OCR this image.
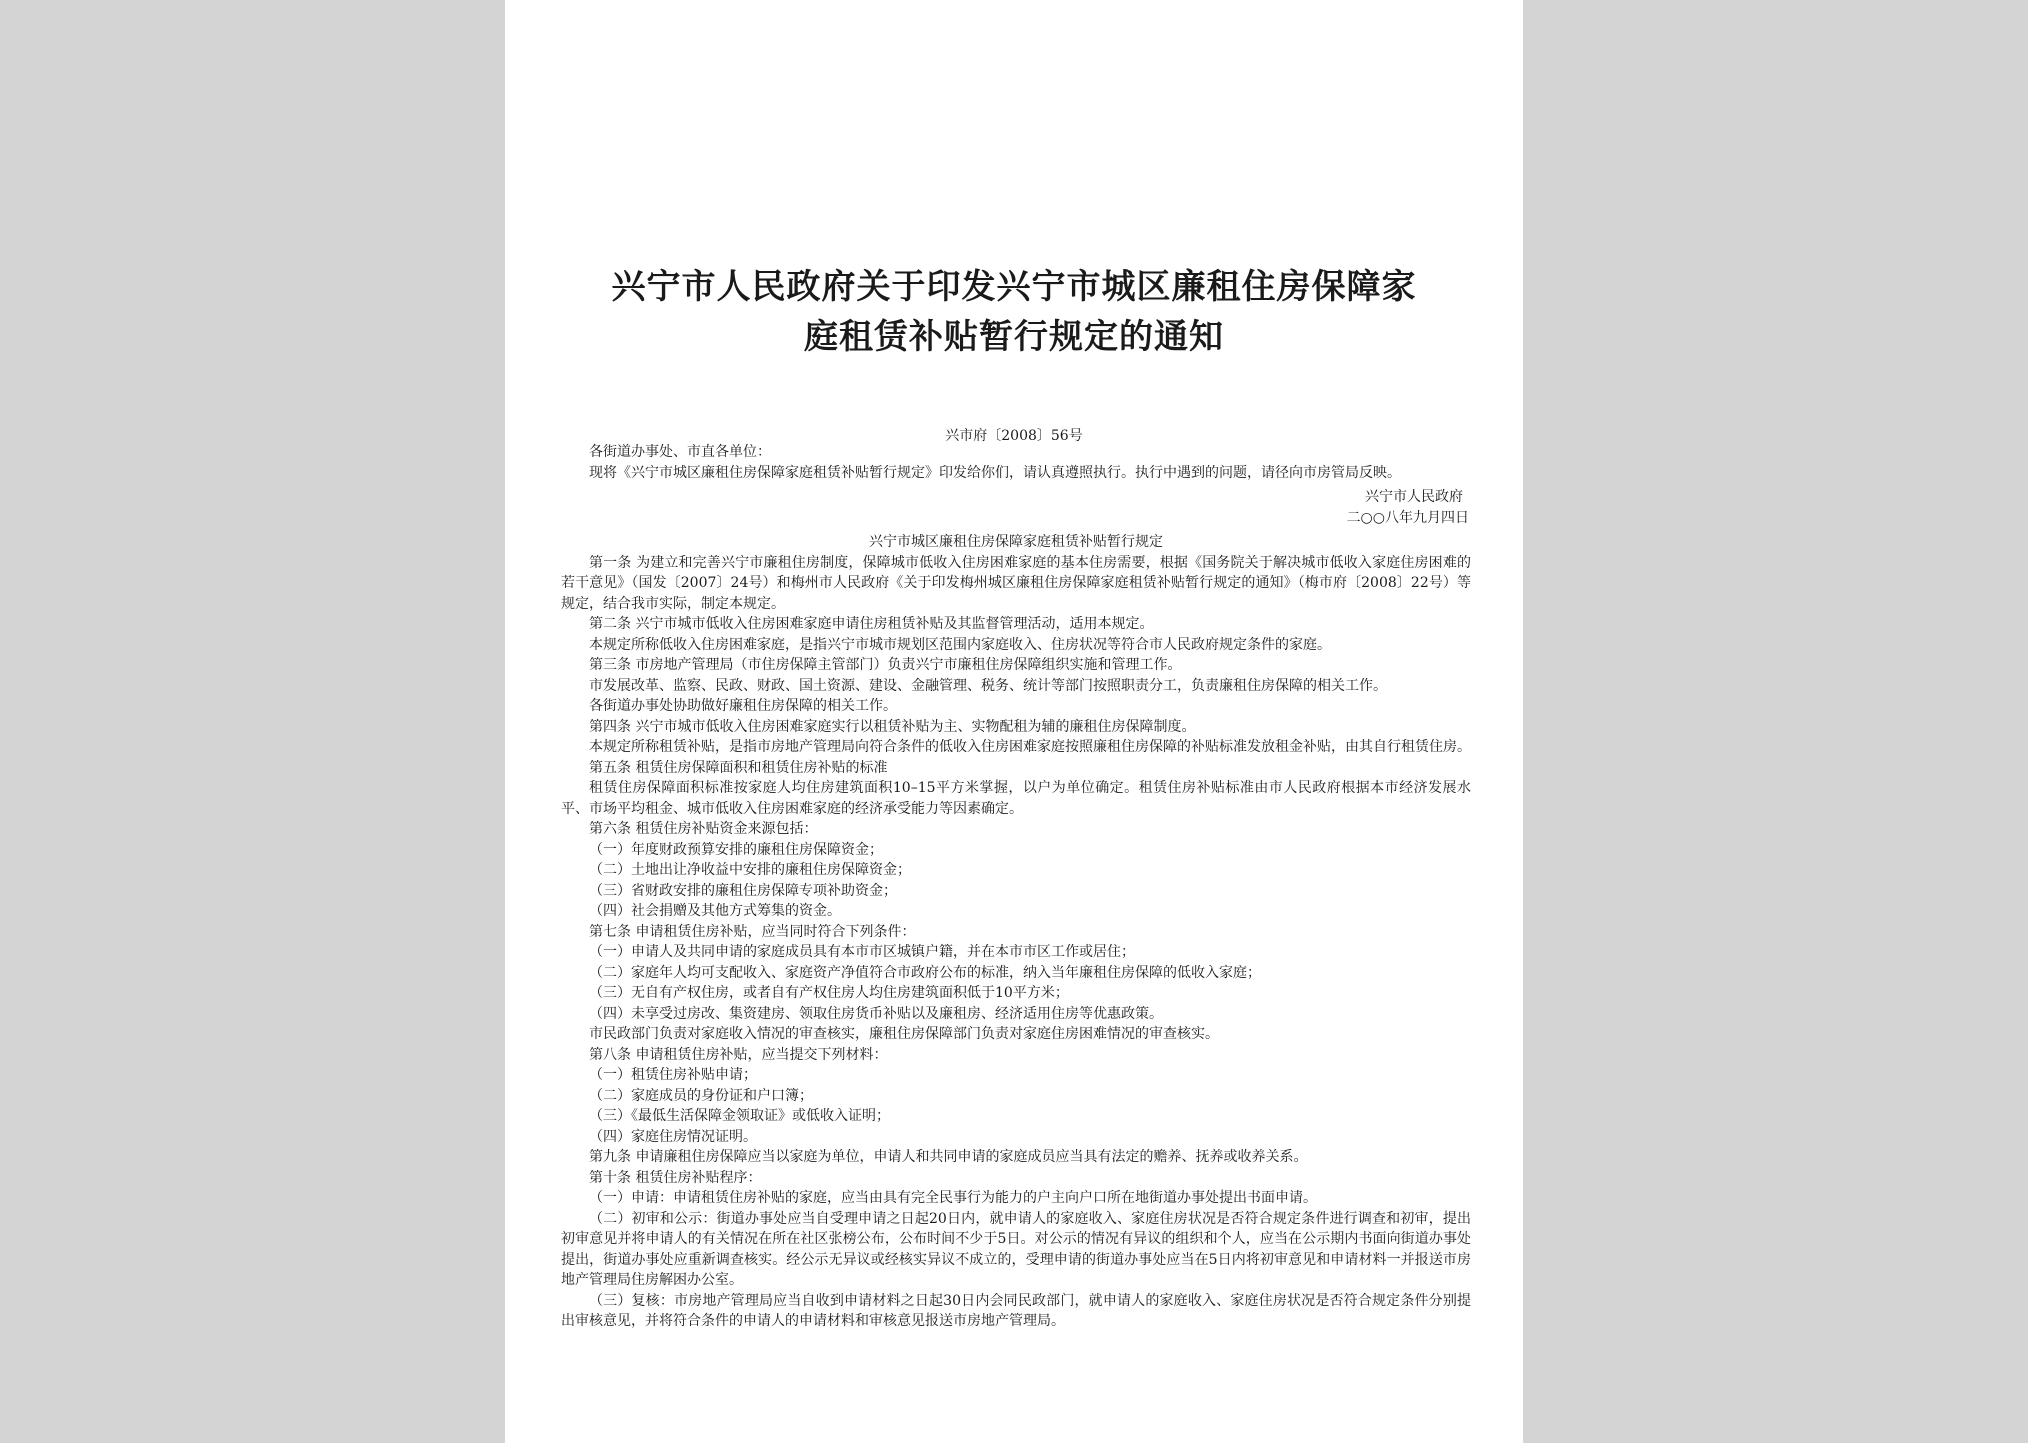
兴宁市人民政府关于印发兴宁市城区廉租住房保障家
庭租赁补贴暂行规定的通知
兴市府〔2008〕56号

各街道办事处、市直各单位：

现将《兴宁市城区廉租住房保障家庭租赁补贴暂行规定》印发给你们，请认真遵照执行。执行中遇到的问题，请径向市房管局反映。

兴宁市人民政府

二○○八年九月四日

兴宁市城区廉租住房保障家庭租赁补贴暂行规定

第一条 为建立和完善兴宁市廉租住房制度，保障城市低收入住房困难家庭的基本住房需要，根据《国务院关于解决城市低收入家庭住房困难的若干意见》（国发〔2007〕24号）和梅州市人民政府《关于印发梅州城区廉租住房保障家庭租赁补贴暂行规定的通知》（梅市府〔2008〕22号）等规定，结合我市实际，制定本规定。

第二条 兴宁市城市低收入住房困难家庭申请住房租赁补贴及其监督管理活动，适用本规定。

本规定所称低收入住房困难家庭，是指兴宁市城市规划区范围内家庭收入、住房状况等符合市人民政府规定条件的家庭。

第三条 市房地产管理局（市住房保障主管部门）负责兴宁市廉租住房保障组织实施和管理工作。

市发展改革、监察、民政、财政、国土资源、建设、金融管理、税务、统计等部门按照职责分工，负责廉租住房保障的相关工作。

各街道办事处协助做好廉租住房保障的相关工作。

第四条 兴宁市城市低收入住房困难家庭实行以租赁补贴为主、实物配租为辅的廉租住房保障制度。

本规定所称租赁补贴，是指市房地产管理局向符合条件的低收入住房困难家庭按照廉租住房保障的补贴标准发放租金补贴，由其自行租赁住房。

第五条 租赁住房保障面积和租赁住房补贴的标准

租赁住房保障面积标准按家庭人均住房建筑面积10–15平方米掌握，以户为单位确定。租赁住房补贴标准由市人民政府根据本市经济发展水平、市场平均租金、城市低收入住房困难家庭的经济承受能力等因素确定。

第六条 租赁住房补贴资金来源包括：

（一）年度财政预算安排的廉租住房保障资金；

（二）土地出让净收益中安排的廉租住房保障资金；

（三）省财政安排的廉租住房保障专项补助资金；

（四）社会捐赠及其他方式筹集的资金。

第七条 申请租赁住房补贴，应当同时符合下列条件：

（一）申请人及共同申请的家庭成员具有本市市区城镇户籍，并在本市市区工作或居住；

（二）家庭年人均可支配收入、家庭资产净值符合市政府公布的标准，纳入当年廉租住房保障的低收入家庭；

（三）无自有产权住房，或者自有产权住房人均住房建筑面积低于10平方米；

（四）未享受过房改、集资建房、领取住房货币补贴以及廉租房、经济适用住房等优惠政策。

市民政部门负责对家庭收入情况的审查核实，廉租住房保障部门负责对家庭住房困难情况的审查核实。

第八条 申请租赁住房补贴，应当提交下列材料：

（一）租赁住房补贴申请；

（二）家庭成员的身份证和户口簿；

（三）《最低生活保障金领取证》或低收入证明；

（四）家庭住房情况证明。

第九条 申请廉租住房保障应当以家庭为单位，申请人和共同申请的家庭成员应当具有法定的赡养、抚养或收养关系。

第十条 租赁住房补贴程序：

（一）申请：申请租赁住房补贴的家庭，应当由具有完全民事行为能力的户主向户口所在地街道办事处提出书面申请。

（二）初审和公示：街道办事处应当自受理申请之日起20日内，就申请人的家庭收入、家庭住房状况是否符合规定条件进行调查和初审，提出初审意见并将申请人的有关情况在所在社区张榜公布，公布时间不少于5日。对公示的情况有异议的组织和个人，应当在公示期内书面向街道办事处提出，街道办事处应重新调查核实。经公示无异议或经核实异议不成立的，受理申请的街道办事处应当在5日内将初审意见和申请材料一并报送市房地产管理局住房解困办公室。

（三）复核：市房地产管理局应当自收到申请材料之日起30日内会同民政部门，就申请人的家庭收入、家庭住房状况是否符合规定条件分别提出审核意见，并将符合条件的申请人的申请材料和审核意见报送市房地产管理局。
